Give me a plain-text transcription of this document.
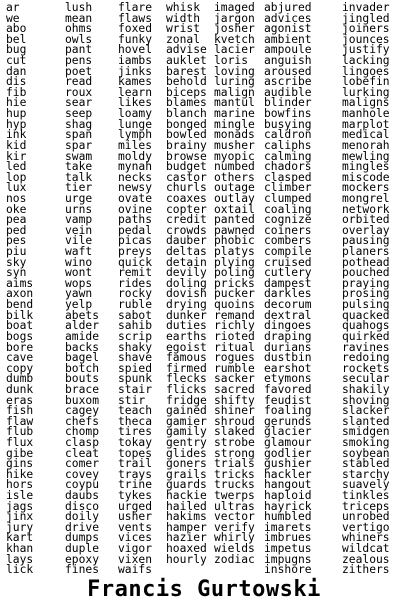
ar
we
abo
bel
bug
cut
dan
dis
fib
hie
hup
hyp
ink
kid
kir
led
lop
lux
nos
oke
pea
ped
pes
piu
sky
syn
aims
axon
bend
bilk
boat
bogs
bore
cave
copy
dumb
dunk
eras
fish
flaw
flub
flux
gibe
gins
hike
hors
isle
jags
jinx
jury
kart
khan
lays
lick
lush
mean
ohms
owls
pant
pens
poet
read
roux
sear
seep
shag
span
spar
swam
take
talk
tier
urge
urns
vamp
vein
vile
waft
wino
wont
wops
yawn
yelp
abets
alder
amide
backs
bagel
botch
bouts
brace
buxom
cagey
chefs
chomp
clasp
cleat
comer
covey
coypu
daubs
disco
doily
drive
dumps
duple
epoxy
fines
flare
flaws
foxed
funky
hovel
iambs
jinks
kames
learn
likes
loamy
lunge
lymph
miles
moldy
mynah
necks
newsy
ovate
ovine
paths
pedal
picas
preys
quick
remit
rides
rocky
ruble
sabot
sahib
scrip
shaky
shave
spied
spunk
stair
stir
teach
theca
tires
tokay
topes
trail
trays
trine
tykes
urged
usher
vents
vices
vigor
vixen
waifs
whisk
width
wrist
zonal
advise
auklet
barest
behold
biceps
blames
blanch
bonged
bowled
brainy
browse
budget
castor
churls
coaxes
copter
credit
crowds
dauber
deltas
detain
devily
doling
dovish
drying
dunker
duties
earths
egoist
famous
firmed
flecks
flicks
fridge
gained
gamier
gamily
gentry
glides
goners
grails
guards
hackie
hailed
hakims
hamper
hazier
hoaxed
hourly
imaged
jargon
josher
kvetch
lacier
loris
loving
luring
malign
mantul
marine
mingle
monads
musher
myopic
numbed
others
outage
outlay
oxtail
panted
pawned
phobic
platys
plying
poling
pricks
pucker
quoins
remand
richly
rioted
ritual
rogues
rumble
sacker
sacred
shifty
shiner
shroud
slaked
strobe
strong
trials
tricks
trucks
twerps
ultras
vector
verify
whirly
wields
zodiac
abjured
advices
agonist
ambient
ampoule
anguish
aroused
ascribe
audible
blinder
bowfins
busying
caldron
caliphs
calming
chadors
clasped
climber
clumped
coaling
cognize
coiners
combers
compile
cruised
cutlery
dampest
darkles
decorum
dextral
dingoes
draping
durians
dustbin
earshot
etymons
favored
feudist
foaling
gerunds
glacier
glamour
godlier
gushier
hackler
hangout
haploid
hayrick
humbled
imarets
imbrues
impetus
impugns
inshore
invader
jingled
joiners
jounces
justify
lacking
lingoes
lobefin
lurking
maligns
manhole
marplot
medical
menorah
mewling
mingles
miscode
mockers
mongrel
network
orbited
overlay
pausing
planers
pothead
pouched
praying
prosing
pulsing
quacked
quahogs
quirked
ravines
redoing
rockets
secular
shakily
shoving
slacker
slanted
smidgen
smoking
soybean
stabled
starchy
suavely
tinkles
triceps
unrobed
vertigo
whiners
wildcat
zealous
zithers
Francis Gurtowski
